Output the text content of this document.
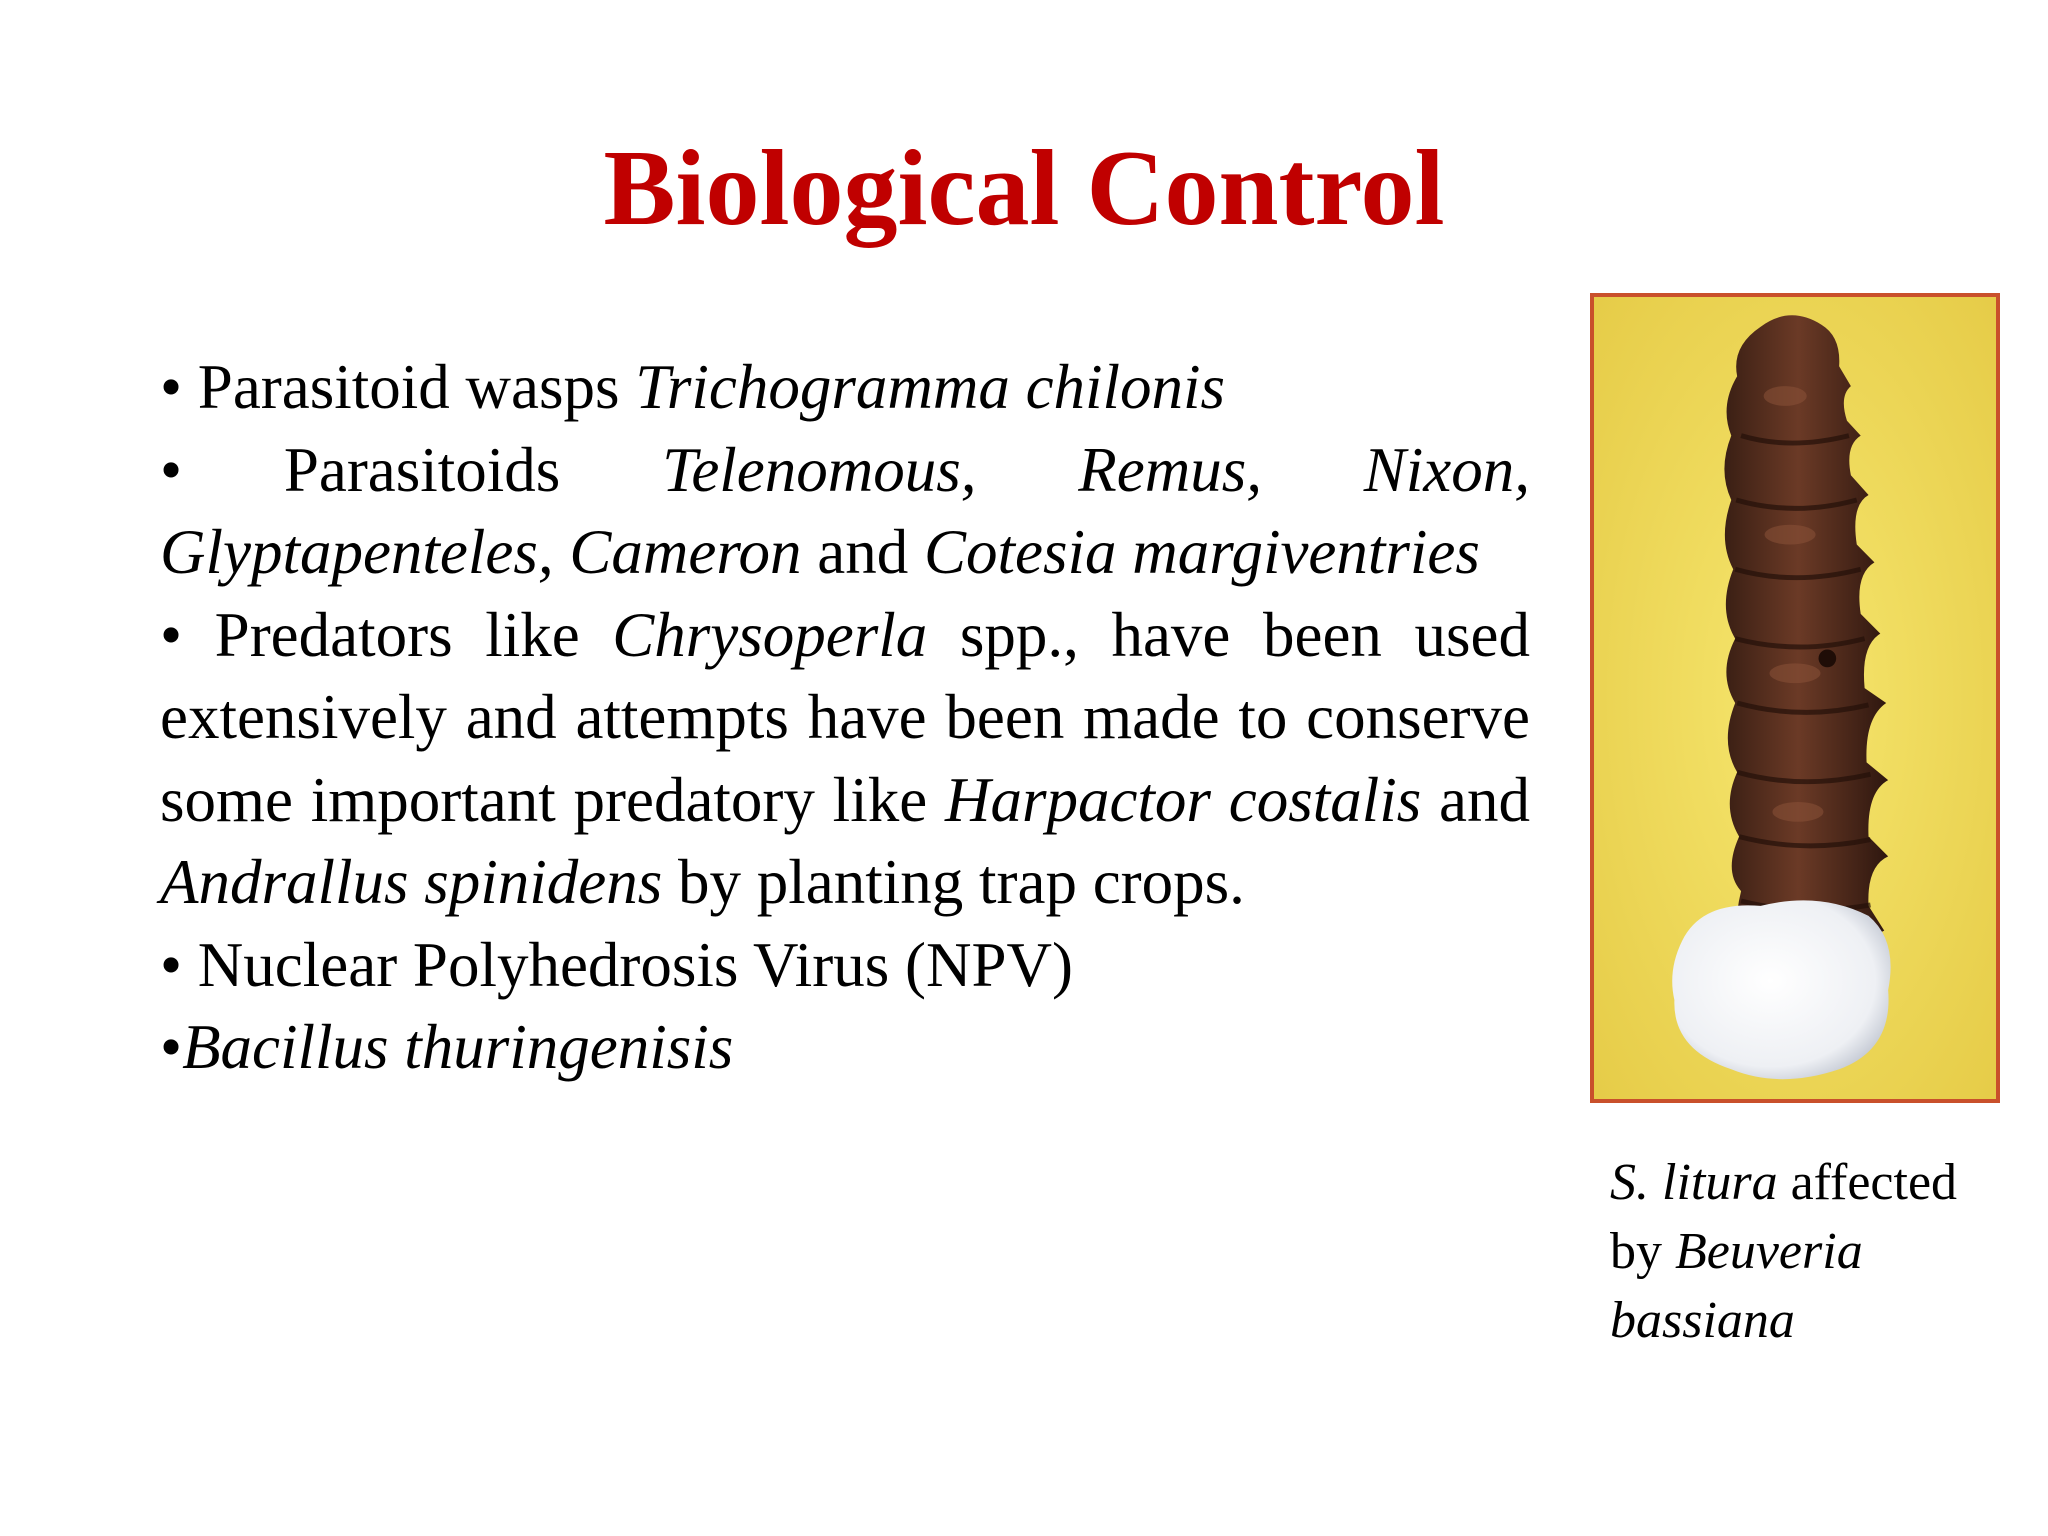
Biological Control

• Parasitoid wasps Trichogramma chilonis

• Parasitoids Telenomous, Remus, Nixon, Glyptapenteles, Cameron and Cotesia margiventries

• Predators like Chrysoperla spp., have been used extensively and attempts have been made to conserve some important predatory like Harpactor costalis and Andrallus spinidens by planting trap crops.

• Nuclear Polyhedrosis Virus (NPV)

•Bacillus thuringenisis

S. litura affected by Beuveria bassiana
